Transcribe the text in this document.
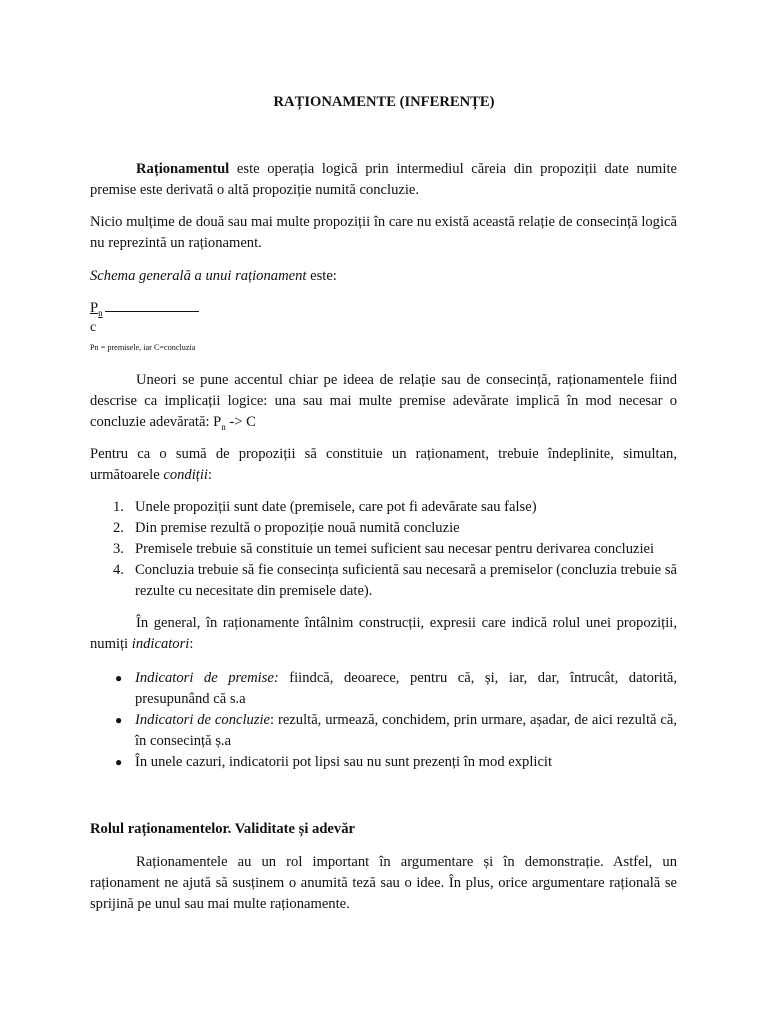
RAȚIONAMENTE (INFERENȚE)

Raționamentul este operația logică prin intermediul căreia din propoziții date numite premise este derivată o altă propoziție numită concluzie.

Nicio mulțime de două sau mai multe propoziții în care nu există această relație de consecință logică nu reprezintă un raționament.

Schema generală a unui raționament este:

$P_n$
c
Pn = premisele, iar C=concluzia

Uneori se pune accentul chiar pe ideea de relație sau de consecință, raționamentele fiind descrise ca implicații logice: una sau mai multe premise adevărate implică în mod necesar o concluzie adevărată: $P_n -> C$

Pentru ca o sumă de propoziții să constituie un raționament, trebuie îndeplinite, simultan, următoarele condiții:

1. Unele propoziții sunt date (premisele, care pot fi adevărate sau false)
2. Din premise rezultă o propoziție nouă numită concluzie
3. Premisele trebuie să constituie un temei suficient sau necesar pentru derivarea concluziei
4. Concluzia trebuie să fie consecința suficientă sau necesară a premiselor (concluzia trebuie să rezulte cu necesitate din premisele date).

În general, în raționamente întâlnim construcții, expresii care indică rolul unei propoziții, numiți indicatori:

● Indicatori de premise: fiindcă, deoarece, pentru că, și, iar, dar, întrucât, datorită, presupunând că s.a
● Indicatori de concluzie: rezultă, urmează, conchidem, prin urmare, așadar, de aici rezultă că, în consecință ș.a
● În unele cazuri, indicatorii pot lipsi sau nu sunt prezenți în mod explicit
Rolul raționamentelor. Validitate și adevăr

Raționamentele au un rol important în argumentare și în demonstrație. Astfel, un raționament ne ajută să susținem o anumită teză sau o idee. În plus, orice argumentare rațională se sprijină pe unul sau mai multe raționamente.
